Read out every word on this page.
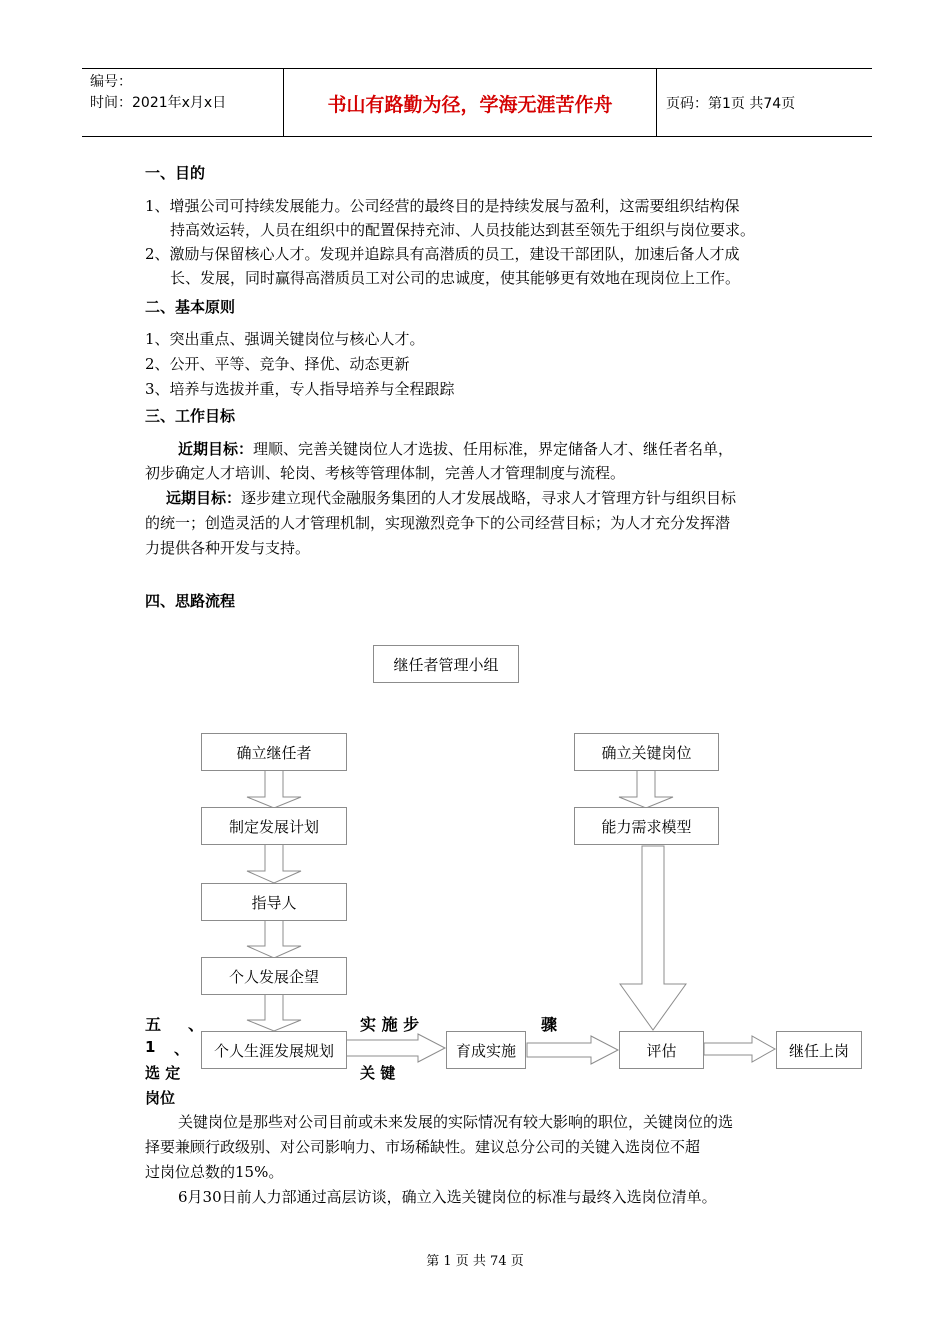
编号：
时间：2021年x月x日	书山有路勤为径，学海无涯苦作舟	页码：第1页 共74页
一、目的
1、增强公司可持续发展能力。公司经营的最终目的是持续发展与盈利，这需要组织结构保
持高效运转，人员在组织中的配置保持充沛、人员技能达到甚至领先于组织与岗位要求。
2、激励与保留核心人才。发现并追踪具有高潜质的员工，建设干部团队，加速后备人才成
长、发展，同时赢得高潜质员工对公司的忠诚度，使其能够更有效地在现岗位上工作。
二、基本原则
1、突出重点、强调关键岗位与核心人才。
2、公开、平等、竞争、择优、动态更新
3、培养与选拔并重，专人指导培养与全程跟踪
三、工作目标
近期目标：理顺、完善关键岗位人才选拔、任用标准，界定储备人才、继任者名单，
初步确定人才培训、轮岗、考核等管理体制，完善人才管理制度与流程。
远期目标：逐步建立现代金融服务集团的人才发展战略，寻求人才管理方针与组织目标
的统一；创造灵活的人才管理机制，实现激烈竞争下的公司经营目标；为人才充分发挥潜
力提供各种开发与支持。
四、思路流程
继任者管理小组
确立继任者
制定发展计划
指导人
个人发展企望
个人生涯发展规划	育成实施
确立关键岗位
能力需求模型
评估	继任上岗
五 、	实 施 步	骤
1 、
选 定	关 键
岗位
关键岗位是那些对公司目前或未来发展的实际情况有较大影响的职位，关键岗位的选
择要兼顾行政级别、对公司影响力、市场稀缺性。建议总分公司的关键入选岗位不超
过岗位总数的15%。
6月30日前人力部通过高层访谈，确立入选关键岗位的标准与最终入选岗位清单。
第 1 页 共 74 页
